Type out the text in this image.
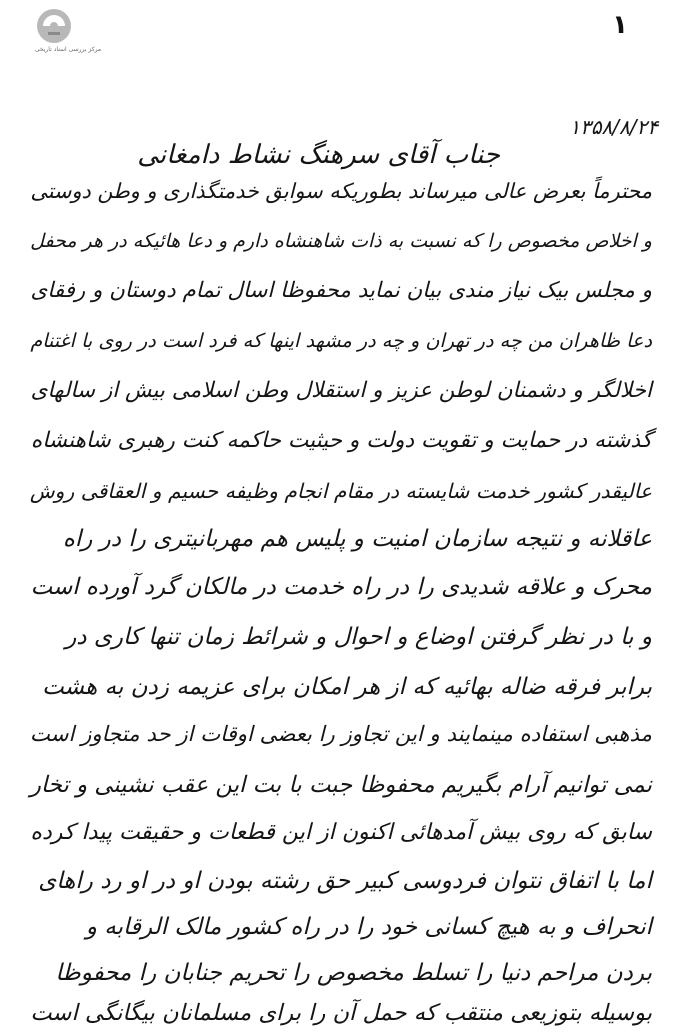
مرکز بررسی اسناد تاریخی
۱
۱۳۵۸/۸/۲۴
جناب آقای سرهنگ نشاط دامغانی
محترماً بعرض عالی میرساند بطوریکه سوابق خدمتگذاری و وطن دوستی
و اخلاص مخصوص را که نسبت به ذات شاهنشاه دارم و دعا هائیکه در هر محفل
و مجلس بیک نیاز مندی بیان نماید محفوظا اسال تمام دوستان و رفقای
دعا ظاهران من چه در تهران و چه در مشهد اینها که فرد است در روی با اغتنام
اخلالگر و دشمنان لوطن عزیز و استقلال وطن اسلامی بیش از سالهای
گذشته در حمایت و تقویت دولت و حیثیت حاکمه کنت رهبری شاهنشاه
عالیقدر کشور خدمت شایسته در مقام انجام وظیفه حسیم و العقاقی روش
عاقلانه و نتیجه سازمان امنیت و پلیس هم مهربانیتری را در راه
محرک و علاقه شدیدی را در راه خدمت در مالکان گرد آورده است
و با در نظر گرفتن اوضاع و احوال و شرائط زمان تنها کاری در
برابر فرقه ضاله بهائیه که از هر امکان برای عزیمه زدن به هشت
مذهبی استفاده مینمایند و این تجاوز را بعضی اوقات از حد متجاوز است
نمی توانیم آرام بگیریم محفوظا جبت با بت این عقب نشینی و تخار
سابق که روی بیش آمدهائی اکنون از این قطعات و حقیقت پیدا کرده
اما با اتفاق نتوان فردوسی کبیر حق رشته بودن او در او رد راهای
انحراف و به هیچ کسانی خود را در راه کشور مالک الرقابه و
بردن مراحم دنیا را تسلط مخصوص را تحریم جنابان را محفوظا
بوسیله بتوزیعی منتقب که حمل آن را برای مسلمانان بیگانگی است
